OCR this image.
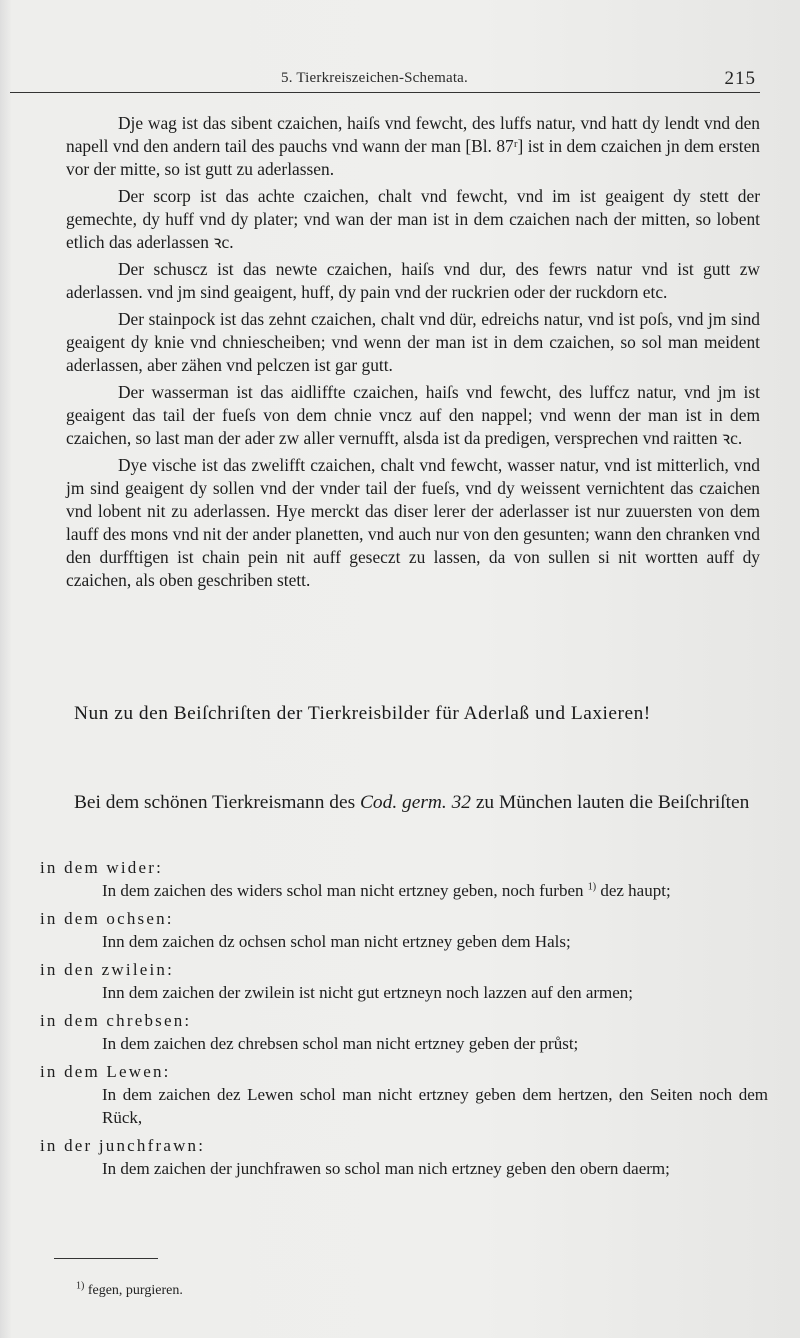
5. Tierkreiszeichen-Schemata.	215

Dje wag ist das sibent czaichen, haiſs vnd fewcht, des luffs natur, vnd hatt dy lendt vnd den napell vnd den andern tail des pauchs vnd wann der man [Bl. 87ʳ] ist in dem czaichen jn dem ersten vor der mitte, so ist gutt zu aderlassen.

Der scorp ist das achte czaichen, chalt vnd fewcht, vnd im ist geaigent dy stett der gemechte, dy huff vnd dy plater; vnd wan der man ist in dem czaichen nach der mitten, so lobent etlich das aderlassen ꝛc.

Der schuscz ist das newte czaichen, haiſs vnd dur, des fewrs natur vnd ist gutt zw aderlassen. vnd jm sind geaigent, huff, dy pain vnd der ruckrien oder der ruckdorn etc.

Der stainpock ist das zehnt czaichen, chalt vnd dür, edreichs natur, vnd ist poſs, vnd jm sind geaigent dy knie vnd chniescheiben; vnd wenn der man ist in dem czaichen, so sol man meident aderlassen, aber zähen vnd pelczen ist gar gutt.

Der wasserman ist das aidliffte czaichen, haiſs vnd fewcht, des luffcz natur, vnd jm ist geaigent das tail der fueſs von dem chnie vncz auf den nappel; vnd wenn der man ist in dem czaichen, so last man der ader zw aller vernufft, alsda ist da predigen, versprechen vnd raitten ꝛc.

Dye vische ist das zwelifft czaichen, chalt vnd fewcht, wasser natur, vnd ist mitterlich, vnd jm sind geaigent dy sollen vnd der vnder tail der fueſs, vnd dy weissent vernichtent das czaichen vnd lobent nit zu aderlassen. Hye merckt das diser lerer der aderlasser ist nur zuuersten von dem lauff des mons vnd nit der ander planetten, vnd auch nur von den gesunten; wann den chranken vnd den durfftigen ist chain pein nit auff geseczt zu lassen, da von sullen si nit wortten auff dy czaichen, als oben geschriben stett.

Nun zu den Beiſchriſten der Tierkreisbilder für Aderlaß und Laxieren!
Bei dem schönen Tierkreismann des Cod. germ. 32 zu München lauten die Beiſchriſten
in dem wider:
In dem zaichen des widers schol man nicht ertzney geben, noch furben $^{1)}$ dez haupt;
in dem ochsen:
Inn dem zaichen dz ochsen schol man nicht ertzney geben dem Hals;
in den zwilein:
Inn dem zaichen der zwilein ist nicht gut ertzneyn noch lazzen auf den armen;
in dem chrebsen:
In dem zaichen dez chrebsen schol man nicht ertzney geben der průst;
in dem Lewen:
In dem zaichen dez Lewen schol man nicht ertzney geben dem hertzen, den Seiten noch dem Rück,
in der junchfrawn:
In dem zaichen der junchfrawen so schol man nich ertzney geben den obern daerm;
$^{1)}$ fegen, purgieren.
